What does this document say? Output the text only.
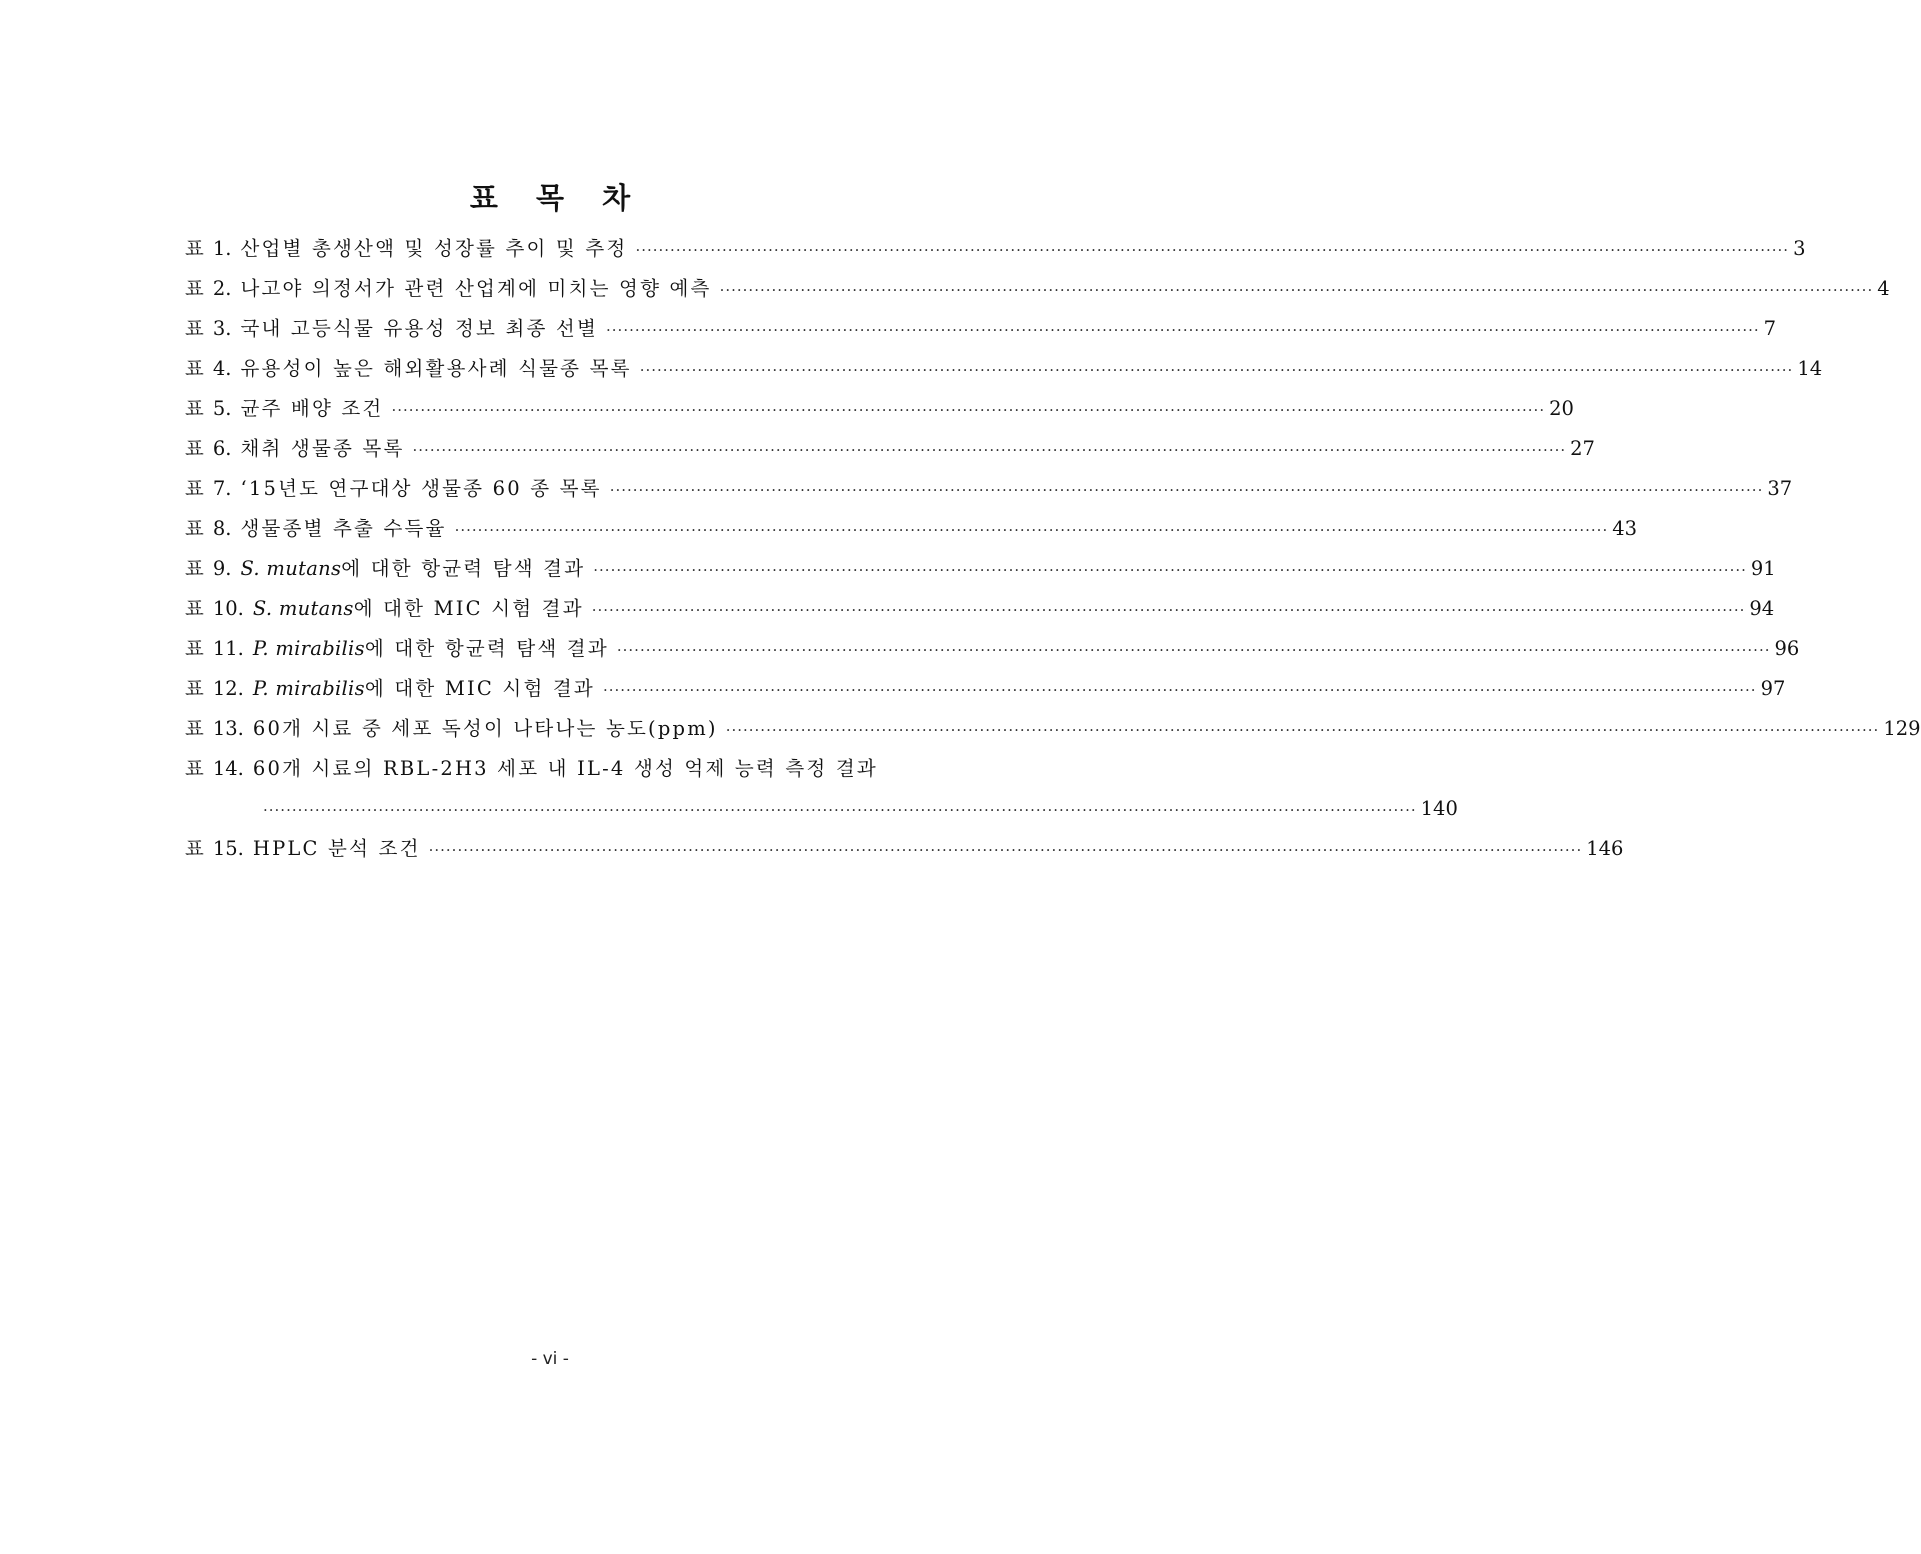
표 목 차
표 1. 산업별 총생산액 및 성장률 추이 및 추정 ········································································································································································································ 3
표 2. 나고야 의정서가 관련 산업계에 미치는 영향 예측 ········································································································································································································ 4
표 3. 국내 고등식물 유용성 정보 최종 선별 ········································································································································································································ 7
표 4. 유용성이 높은 해외활용사례 식물종 목록 ········································································································································································································ 14
표 5. 균주 배양 조건 ········································································································································································································ 20
표 6. 채취 생물종 목록 ········································································································································································································ 27
표 7. ‘15년도 연구대상 생물종 60 종 목록 ········································································································································································································ 37
표 8. 생물종별 추출 수득율 ········································································································································································································ 43
표 9. S. mutans에 대한 항균력 탐색 결과 ········································································································································································································ 91
표 10. S. mutans에 대한 MIC 시험 결과 ········································································································································································································ 94
표 11. P. mirabilis에 대한 항균력 탐색 결과 ········································································································································································································ 96
표 12. P. mirabilis에 대한 MIC 시험 결과 ········································································································································································································ 97
표 13. 60개 시료 중 세포 독성이 나타나는 농도(ppm) ········································································································································································································ 129
표 14. 60개 시료의 RBL-2H3 세포 내 IL-4 생성 억제 능력 측정 결과
········································································································································································································ 140
표 15. HPLC 분석 조건 ········································································································································································································ 146
- vi -
